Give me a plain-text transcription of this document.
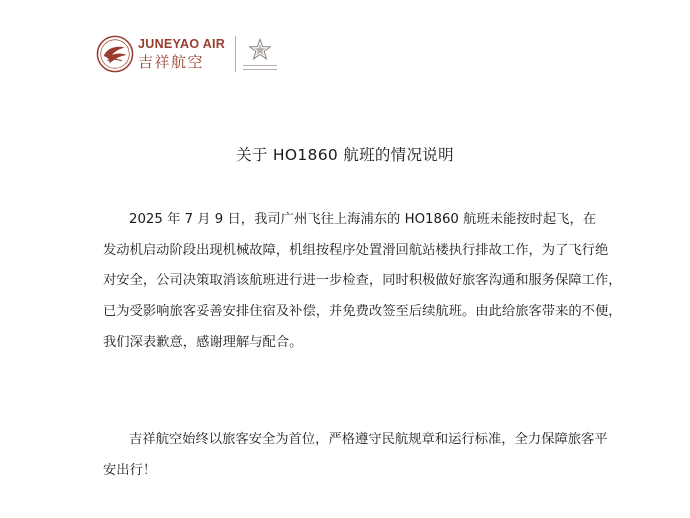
JUNEYAO AIR
吉祥航空
关于 HO1860 航班的情况说明
2025 年 7 月 9 日，我司广州飞往上海浦东的 HO1860 航班未能按时起飞，在
发动机启动阶段出现机械故障，机组按程序处置滑回航站楼执行排故工作，为了飞行绝
对安全，公司决策取消该航班进行进一步检查，同时积极做好旅客沟通和服务保障工作，
已为受影响旅客妥善安排住宿及补偿，并免费改签至后续航班。由此给旅客带来的不便，
我们深表歉意，感谢理解与配合。
吉祥航空始终以旅客安全为首位，严格遵守民航规章和运行标准，全力保障旅客平
安出行！
